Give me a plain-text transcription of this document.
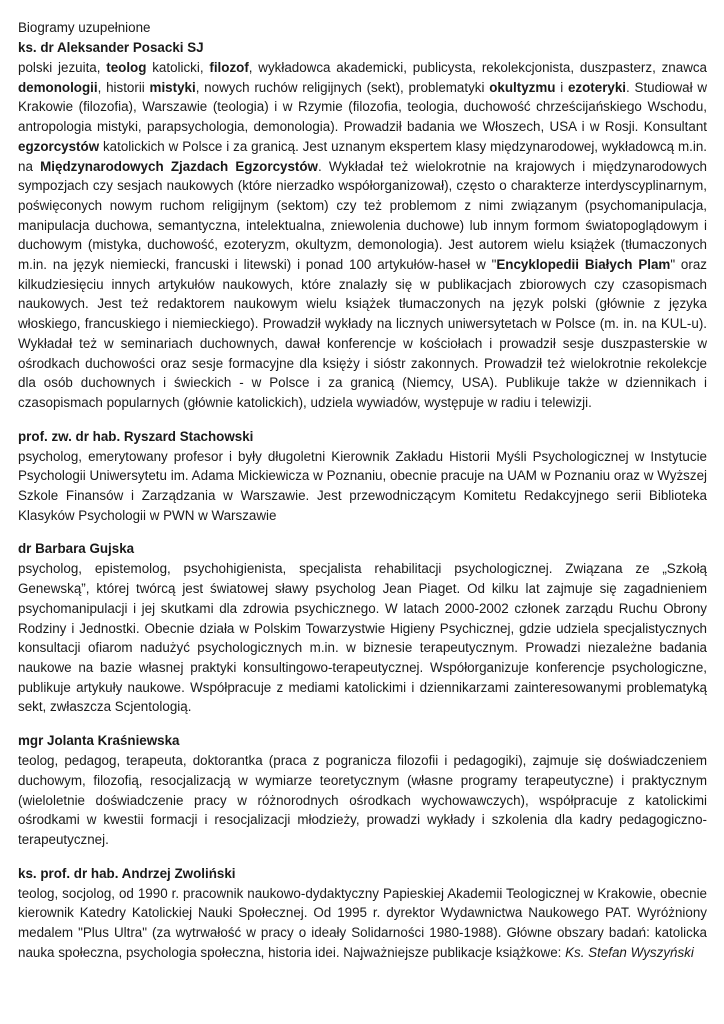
Biogramy uzupełnione

ks. dr Aleksander Posacki SJ

polski jezuita, teolog katolicki, filozof, wykładowca akademicki, publicysta, rekolekcjonista, duszpasterz, znawca demonologii, historii mistyki, nowych ruchów religijnych (sekt), problematyki okultyzmu i ezoteryki. Studiował w Krakowie (filozofia), Warszawie (teologia) i w Rzymie (filozofia, teologia, duchowość chrześcijańskiego Wschodu, antropologia mistyki, parapsychologia, demonologia). Prowadził badania we Włoszech, USA i w Rosji. Konsultant egzorcystów katolickich w Polsce i za granicą. Jest uznanym ekspertem klasy międzynarodowej, wykładowcą m.in. na Międzynarodowych Zjazdach Egzorcystów. Wykładał też wielokrotnie na krajowych i międzynarodowych sympozjach czy sesjach naukowych (które nierzadko współorganizował), często o charakterze interdyscyplinarnym, poświęconych nowym ruchom religijnym (sektom) czy też problemom z nimi związanym (psychomanipulacja, manipulacja duchowa, semantyczna, intelektualna, zniewolenia duchowe) lub innym formom światopoglądowym i duchowym (mistyka, duchowość, ezoteryzm, okultyzm, demonologia). Jest autorem wielu książek (tłumaczonych m.in. na język niemiecki, francuski i litewski) i ponad 100 artykułów-haseł w "Encyklopedii Białych Plam" oraz kilkudziesięciu innych artykułów naukowych, które znalazły się w publikacjach zbiorowych czy czasopismach naukowych. Jest też redaktorem naukowym wielu książek tłumaczonych na język polski (głównie z języka włoskiego, francuskiego i niemieckiego). Prowadził wykłady na licznych uniwersytetach w Polsce (m. in. na KUL-u). Wykładał też w seminariach duchownych, dawał konferencje w kościołach i prowadził sesje duszpasterskie w ośrodkach duchowości oraz sesje formacyjne dla księży i sióstr zakonnych. Prowadził też wielokrotnie rekolekcje dla osób duchownych i świeckich - w Polsce i za granicą (Niemcy, USA). Publikuje także w dziennikach i czasopismach popularnych (głównie katolickich), udziela wywiadów, występuje w radiu i telewizji.

prof. zw. dr hab. Ryszard Stachowski

psycholog, emerytowany profesor i były długoletni Kierownik Zakładu Historii Myśli Psychologicznej w Instytucie Psychologii Uniwersytetu im. Adama Mickiewicza w Poznaniu, obecnie pracuje na UAM w Poznaniu oraz w Wyższej Szkole Finansów i Zarządzania w Warszawie. Jest przewodniczącym Komitetu Redakcyjnego serii Biblioteka Klasyków Psychologii w PWN w Warszawie

dr Barbara Gujska

psycholog, epistemolog, psychohigienista, specjalista rehabilitacji psychologicznej. Związana ze „Szkołą Genewską”, której twórcą jest światowej sławy psycholog Jean Piaget. Od kilku lat zajmuje się zagadnieniem psychomanipulacji i jej skutkami dla zdrowia psychicznego. W latach 2000-2002 członek zarządu Ruchu Obrony Rodziny i Jednostki. Obecnie działa w Polskim Towarzystwie Higieny Psychicznej, gdzie udziela specjalistycznych konsultacji ofiarom nadużyć psychologicznych m.in. w biznesie terapeutycznym. Prowadzi niezależne badania naukowe na bazie własnej praktyki konsultingowo-terapeutycznej. Współorganizuje konferencje psychologiczne, publikuje artykuły naukowe. Współpracuje z mediami katolickimi i dziennikarzami zainteresowanymi problematyką sekt, zwłaszcza Scjentologią.

mgr Jolanta Kraśniewska

teolog, pedagog, terapeuta, doktorantka (praca z pogranicza filozofii i pedagogiki), zajmuje się doświadczeniem duchowym, filozofią, resocjalizacją w wymiarze teoretycznym (własne programy terapeutyczne) i praktycznym (wieloletnie doświadczenie pracy w różnorodnych ośrodkach wychowawczych), współpracuje z katolickimi ośrodkami w kwestii formacji i resocjalizacji młodzieży, prowadzi wykłady i szkolenia dla kadry pedagogiczno-terapeutycznej.

ks. prof. dr hab. Andrzej Zwoliński

teolog, socjolog, od 1990 r. pracownik naukowo-dydaktyczny Papieskiej Akademii Teologicznej w Krakowie, obecnie kierownik Katedry Katolickiej Nauki Społecznej. Od 1995 r. dyrektor Wydawnictwa Naukowego PAT. Wyróżniony medalem "Plus Ultra" (za wytrwałość w pracy o ideały Solidarności 1980-1988). Główne obszary badań: katolicka nauka społeczna, psychologia społeczna, historia idei. Najważniejsze publikacje książkowe: Ks. Stefan Wyszyński
